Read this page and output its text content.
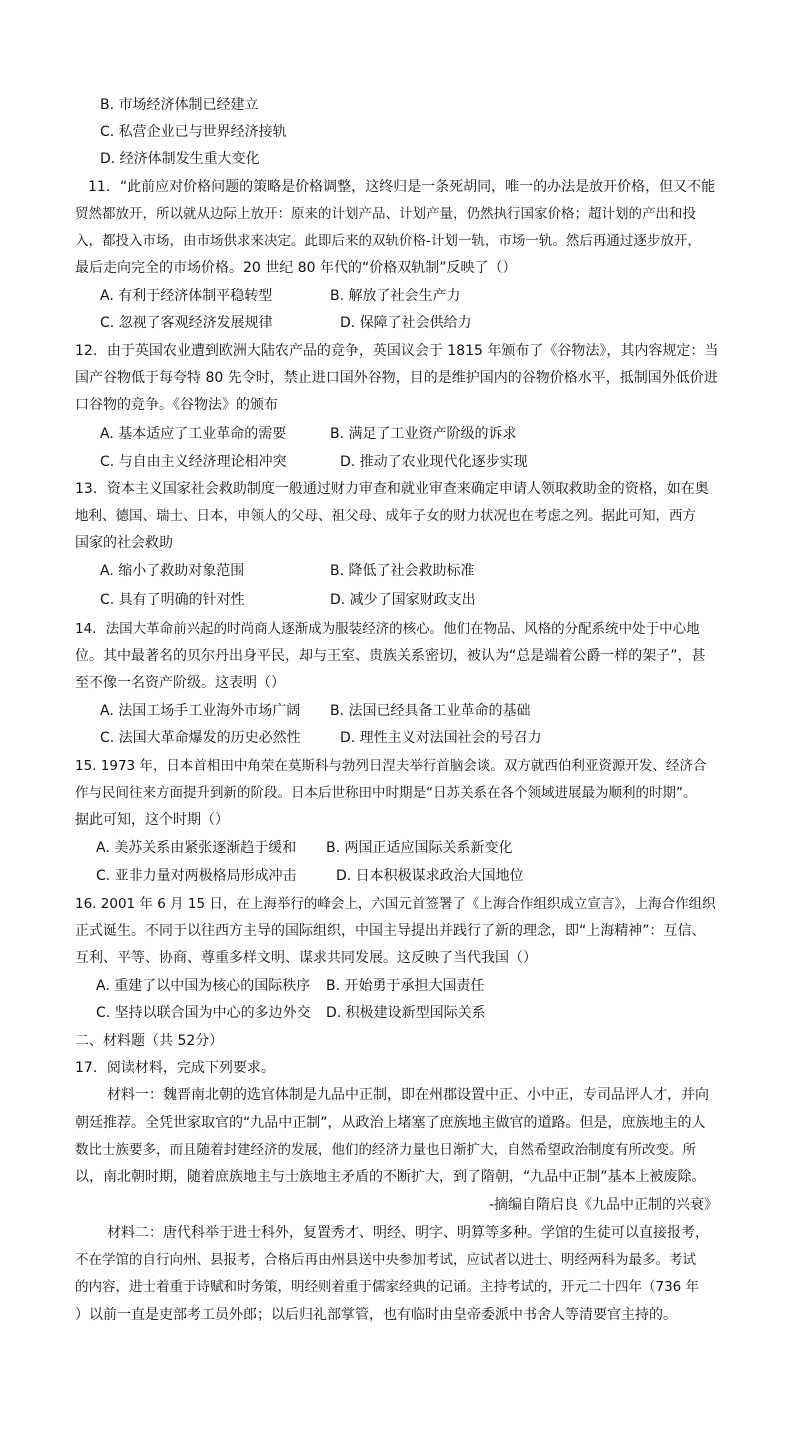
B. 市场经济体制已经建立
C. 私营企业已与世界经济接轨
D. 经济体制发生重大变化
11．“此前应对价格问题的策略是价格调整，这终归是一条死胡同，唯一的办法是放开价格，但又不能
贸然都放开，所以就从边际上放开：原来的计划产品、计划产量，仍然执行国家价格；超计划的产出和投
入，都投入市场，由市场供求来决定。此即后来的双轨价格-计划一轨，市场一轨。然后再通过逐步放开，
最后走向完全的市场价格。20 世纪 80 年代的“价格双轨制”反映了（）
A. 有利于经济体制平稳转型	B. 解放了社会生产力
C. 忽视了客观经济发展规律	D. 保障了社会供给力
12．由于英国农业遭到欧洲大陆农产品的竞争，英国议会于 1815 年颁布了《谷物法》，其内容规定：当
国产谷物低于每夸特 80 先令时，禁止进口国外谷物，目的是维护国内的谷物价格水平，抵制国外低价进
口谷物的竞争。《谷物法》的颁布
A. 基本适应了工业革命的需要	B. 满足了工业资产阶级的诉求
C. 与自由主义经济理论相冲突	D. 推动了农业现代化逐步实现
13．资本主义国家社会救助制度一般通过财力审查和就业审查来确定申请人领取救助金的资格，如在奥
地利、德国、瑞士、日本，申领人的父母、祖父母、成年子女的财力状况也在考虑之列。据此可知，西方
国家的社会救助
A. 缩小了救助对象范围	B. 降低了社会救助标准
C. 具有了明确的针对性	D. 减少了国家财政支出
14．法国大革命前兴起的时尚商人逐渐成为服装经济的核心。他们在物品、风格的分配系统中处于中心地
位。其中最著名的贝尔丹出身平民，却与王室、贵族关系密切，被认为“总是端着公爵一样的架子”，甚
至不像一名资产阶级。这表明（）
A. 法国工场手工业海外市场广阔 B. 法国已经具备工业革命的基础
C. 法国大革命爆发的历史必然性	D. 理性主义对法国社会的号召力
15. 1973 年，日本首相田中角荣在莫斯科与勃列日涅夫举行首脑会谈。双方就西伯利亚资源开发、经济合
作与民间往来方面提升到新的阶段。日本后世称田中时期是“日苏关系在各个领域进展最为顺利的时期”。
据此可知，这个时期（）
A. 美苏关系由紧张逐渐趋于缓和 B. 两国正适应国际关系新变化
C. 亚非力量对两极格局形成冲击	D. 日本积极谋求政治大国地位
16. 2001 年 6 月 15 日，在上海举行的峰会上，六国元首签署了《上海合作组织成立宣言》，上海合作组织
正式诞生。不同于以往西方主导的国际组织，中国主导提出并践行了新的理念，即“上海精神”：互信、
互利、平等、协商、尊重多样文明、谋求共同发展。这反映了当代我国（）
A. 重建了以中国为核心的国际秩序 B. 开始勇于承担大国责任
C. 坚持以联合国为中心的多边外交 D. 积极建设新型国际关系
二、材料题（共 52分）
17．阅读材料，完成下列要求。
材料一：魏晋南北朝的选官体制是九品中正制，即在州郡设置中正、小中正，专司品评人才，并向
朝廷推荐。全凭世家取官的“九品中正制”，从政治上堵塞了庶族地主做官的道路。但是，庶族地主的人
数比士族要多，而且随着封建经济的发展，他们的经济力量也日渐扩大，自然希望政治制度有所改变。所
以，南北朝时期，随着庶族地主与士族地主矛盾的不断扩大，到了隋朝，“九品中正制”基本上被废除。
-摘编自隋启良《九品中正制的兴衰》
材料二：唐代科举于进士科外，复置秀才、明经、明字、明算等多种。学馆的生徒可以直接报考，
不在学馆的自行向州、县报考，合格后再由州县送中央参加考试，应试者以进士、明经两科为最多。考试
的内容，进士着重于诗赋和时务策，明经则着重于儒家经典的记诵。主持考试的，开元二十四年（736 年
）以前一直是吏部考工员外郎；以后归礼部掌管，也有临时由皇帝委派中书舍人等清要官主持的。
